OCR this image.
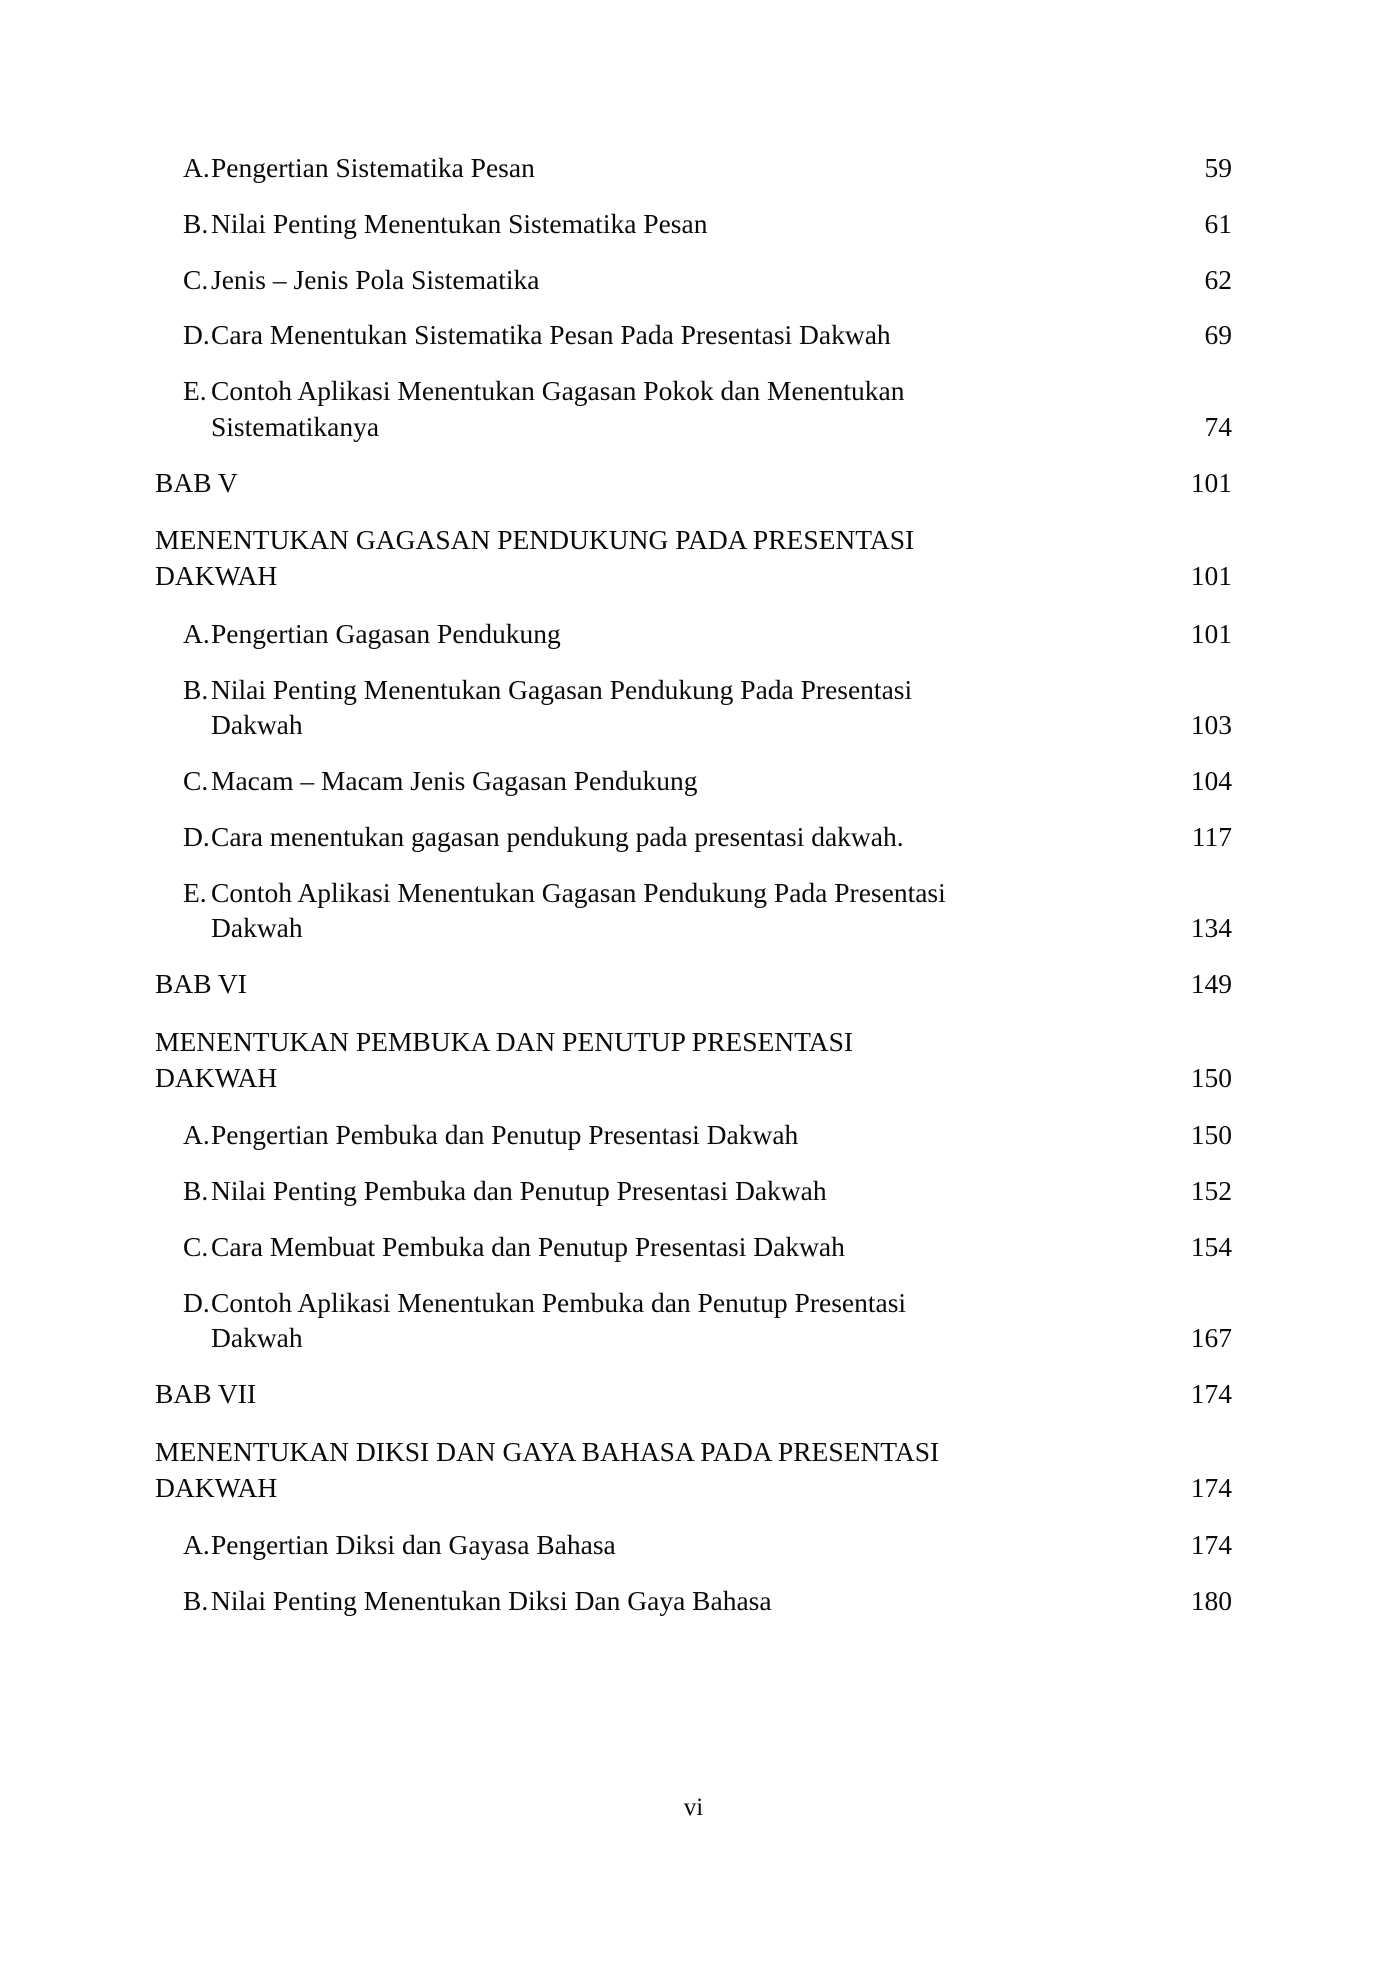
A. Pengertian Sistematika Pesan	59
B. Nilai Penting Menentukan Sistematika Pesan	61
C. Jenis – Jenis Pola Sistematika	62
D. Cara Menentukan Sistematika Pesan Pada Presentasi Dakwah	69
E. Contoh Aplikasi Menentukan Gagasan Pokok dan Menentukan
Sistematikanya	74
BAB V	101
MENENTUKAN GAGASAN PENDUKUNG PADA PRESENTASI
DAKWAH	101
A. Pengertian Gagasan Pendukung	101
B. Nilai Penting Menentukan Gagasan Pendukung Pada Presentasi
Dakwah	103
C. Macam – Macam Jenis Gagasan Pendukung	104
D. Cara menentukan gagasan pendukung pada presentasi dakwah.	117
E. Contoh Aplikasi Menentukan Gagasan Pendukung Pada Presentasi
Dakwah	134
BAB VI	149
MENENTUKAN PEMBUKA DAN PENUTUP PRESENTASI
DAKWAH	150
A. Pengertian Pembuka dan Penutup Presentasi Dakwah	150
B. Nilai Penting Pembuka dan Penutup Presentasi Dakwah	152
C. Cara Membuat Pembuka dan Penutup Presentasi Dakwah	154
D. Contoh Aplikasi Menentukan Pembuka dan Penutup Presentasi
Dakwah	167
BAB VII	174
MENENTUKAN DIKSI DAN GAYA BAHASA PADA PRESENTASI
DAKWAH	174
A. Pengertian Diksi dan Gayasa Bahasa	174
B. Nilai Penting Menentukan Diksi Dan Gaya Bahasa	180
vi
